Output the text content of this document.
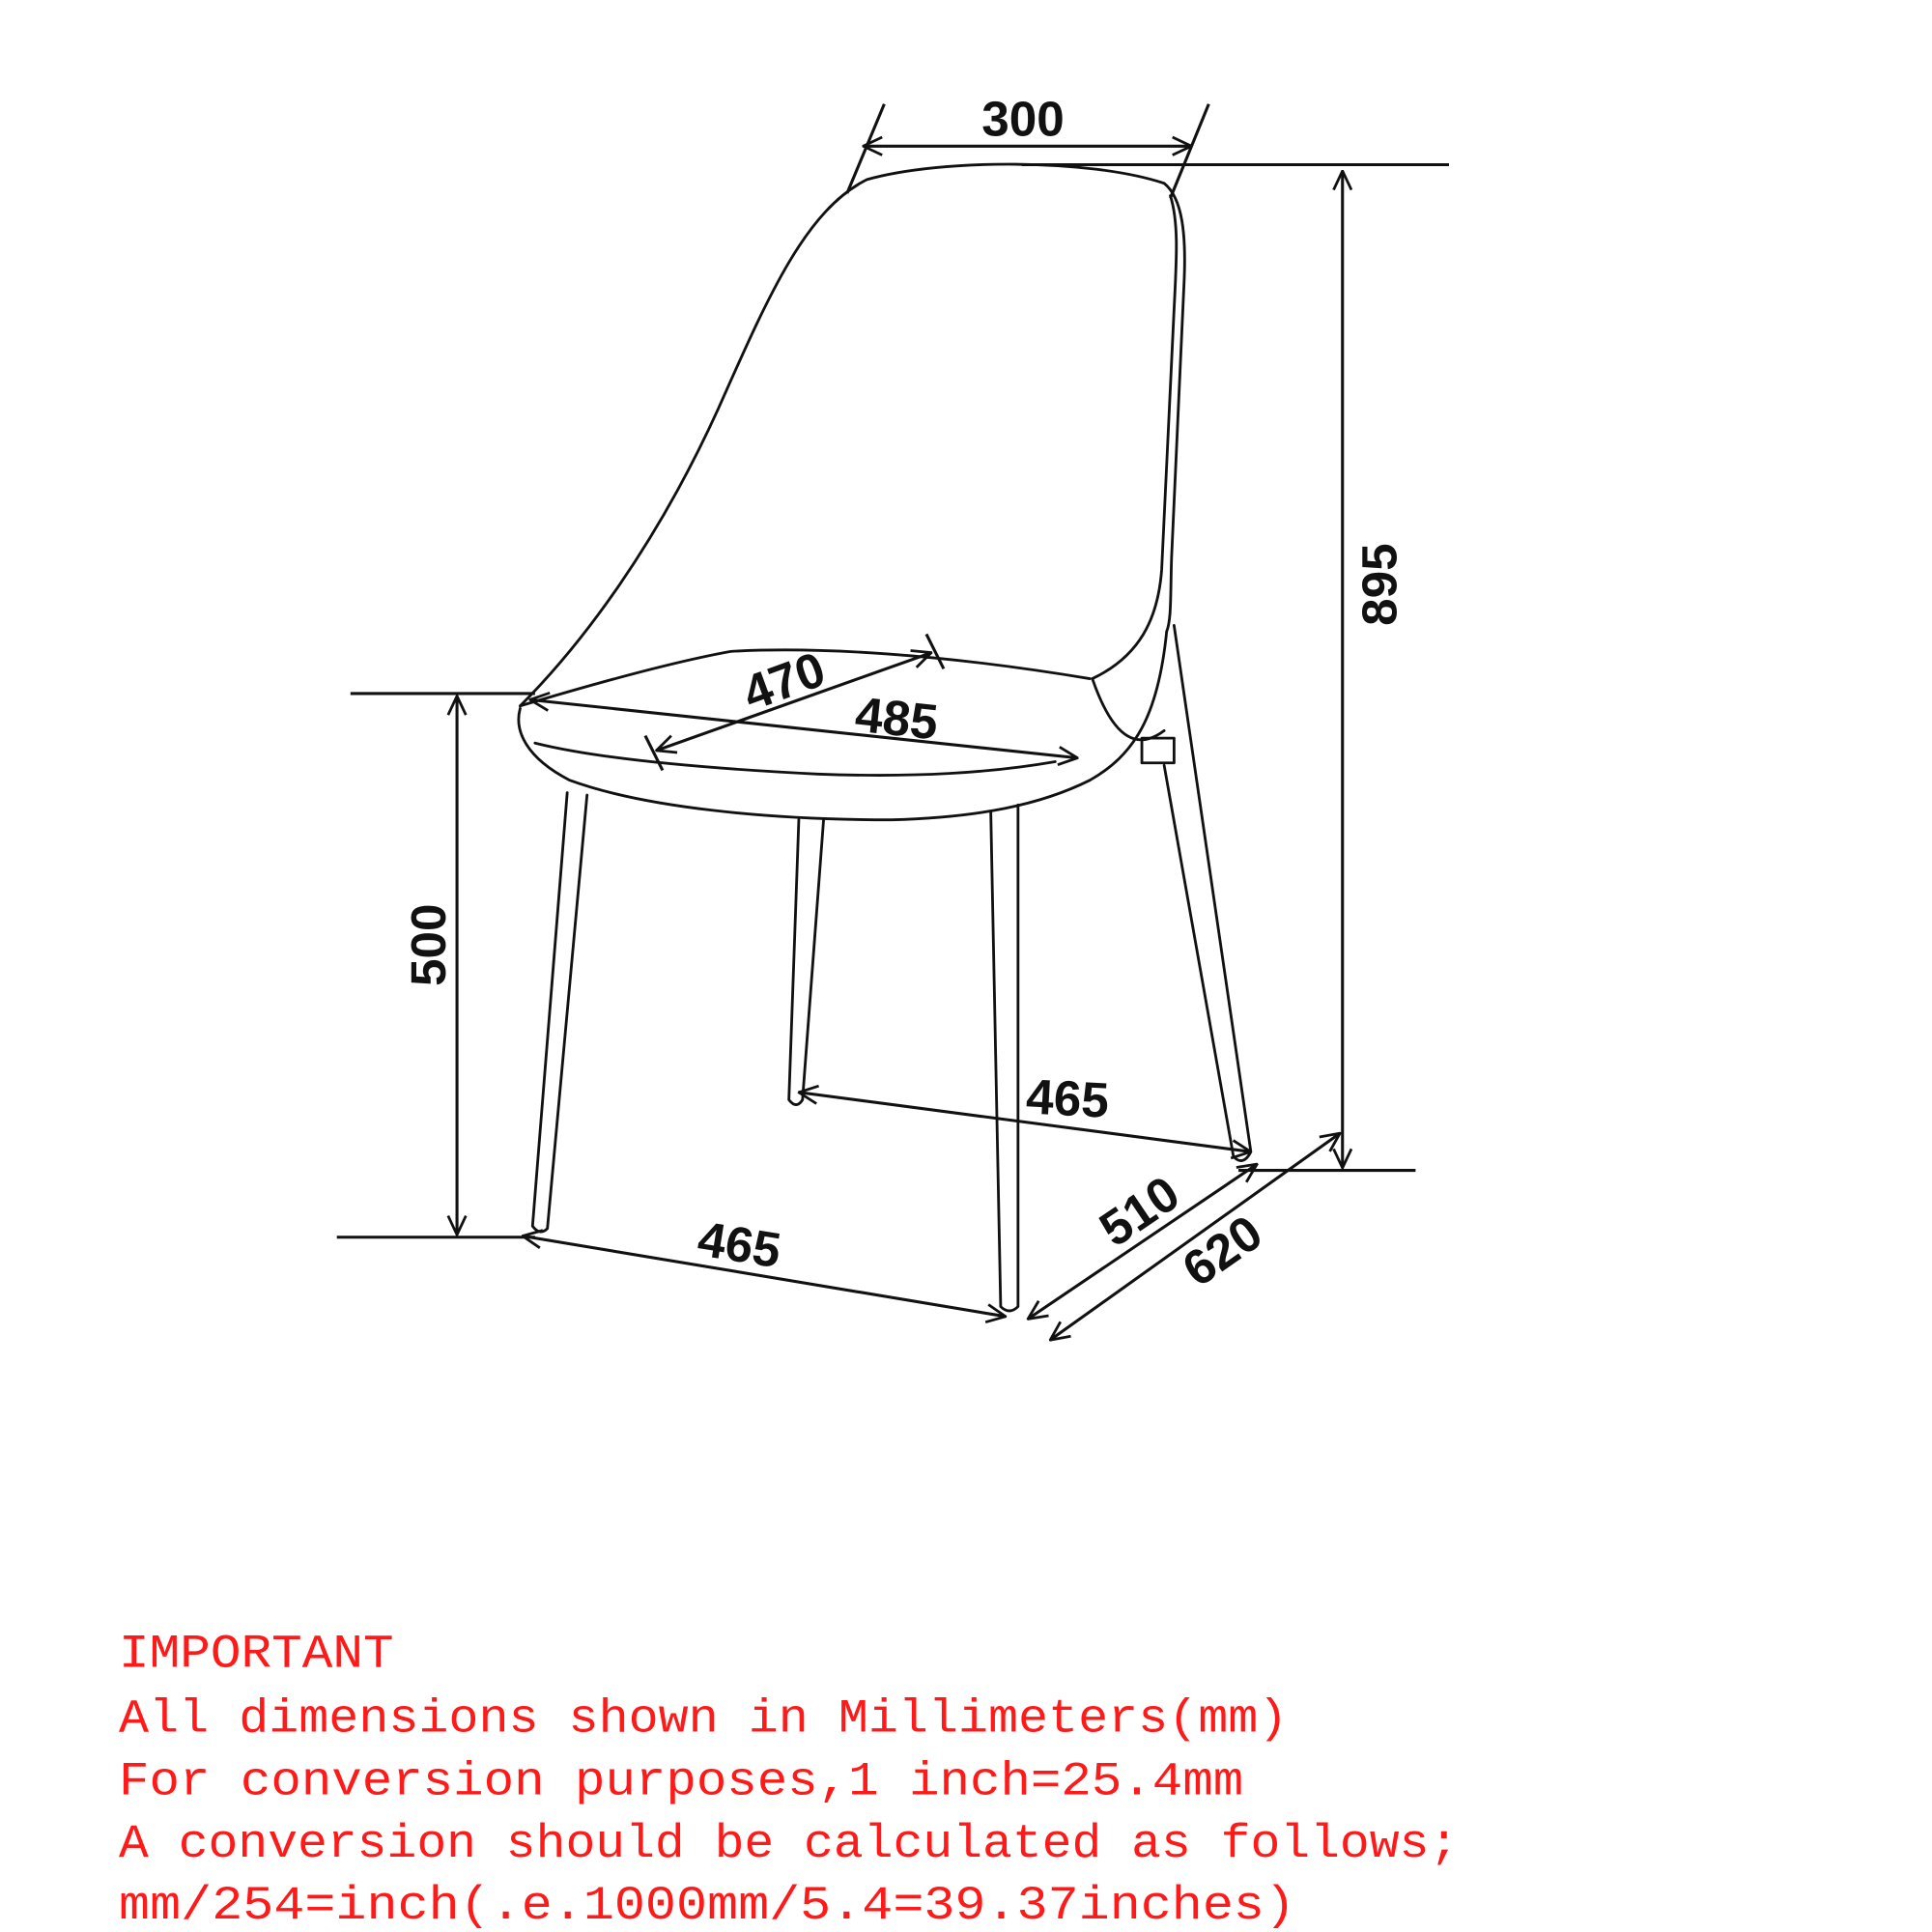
300
895
500
470 485
465
465	510
620
IMPORTANT
All dimensions shown in Millimeters(mm)
For conversion purposes,1 inch=25.4mm
A conversion should be calculated as follows;
mm/254=inch(.e.1000mm/5.4=39.37inches)
